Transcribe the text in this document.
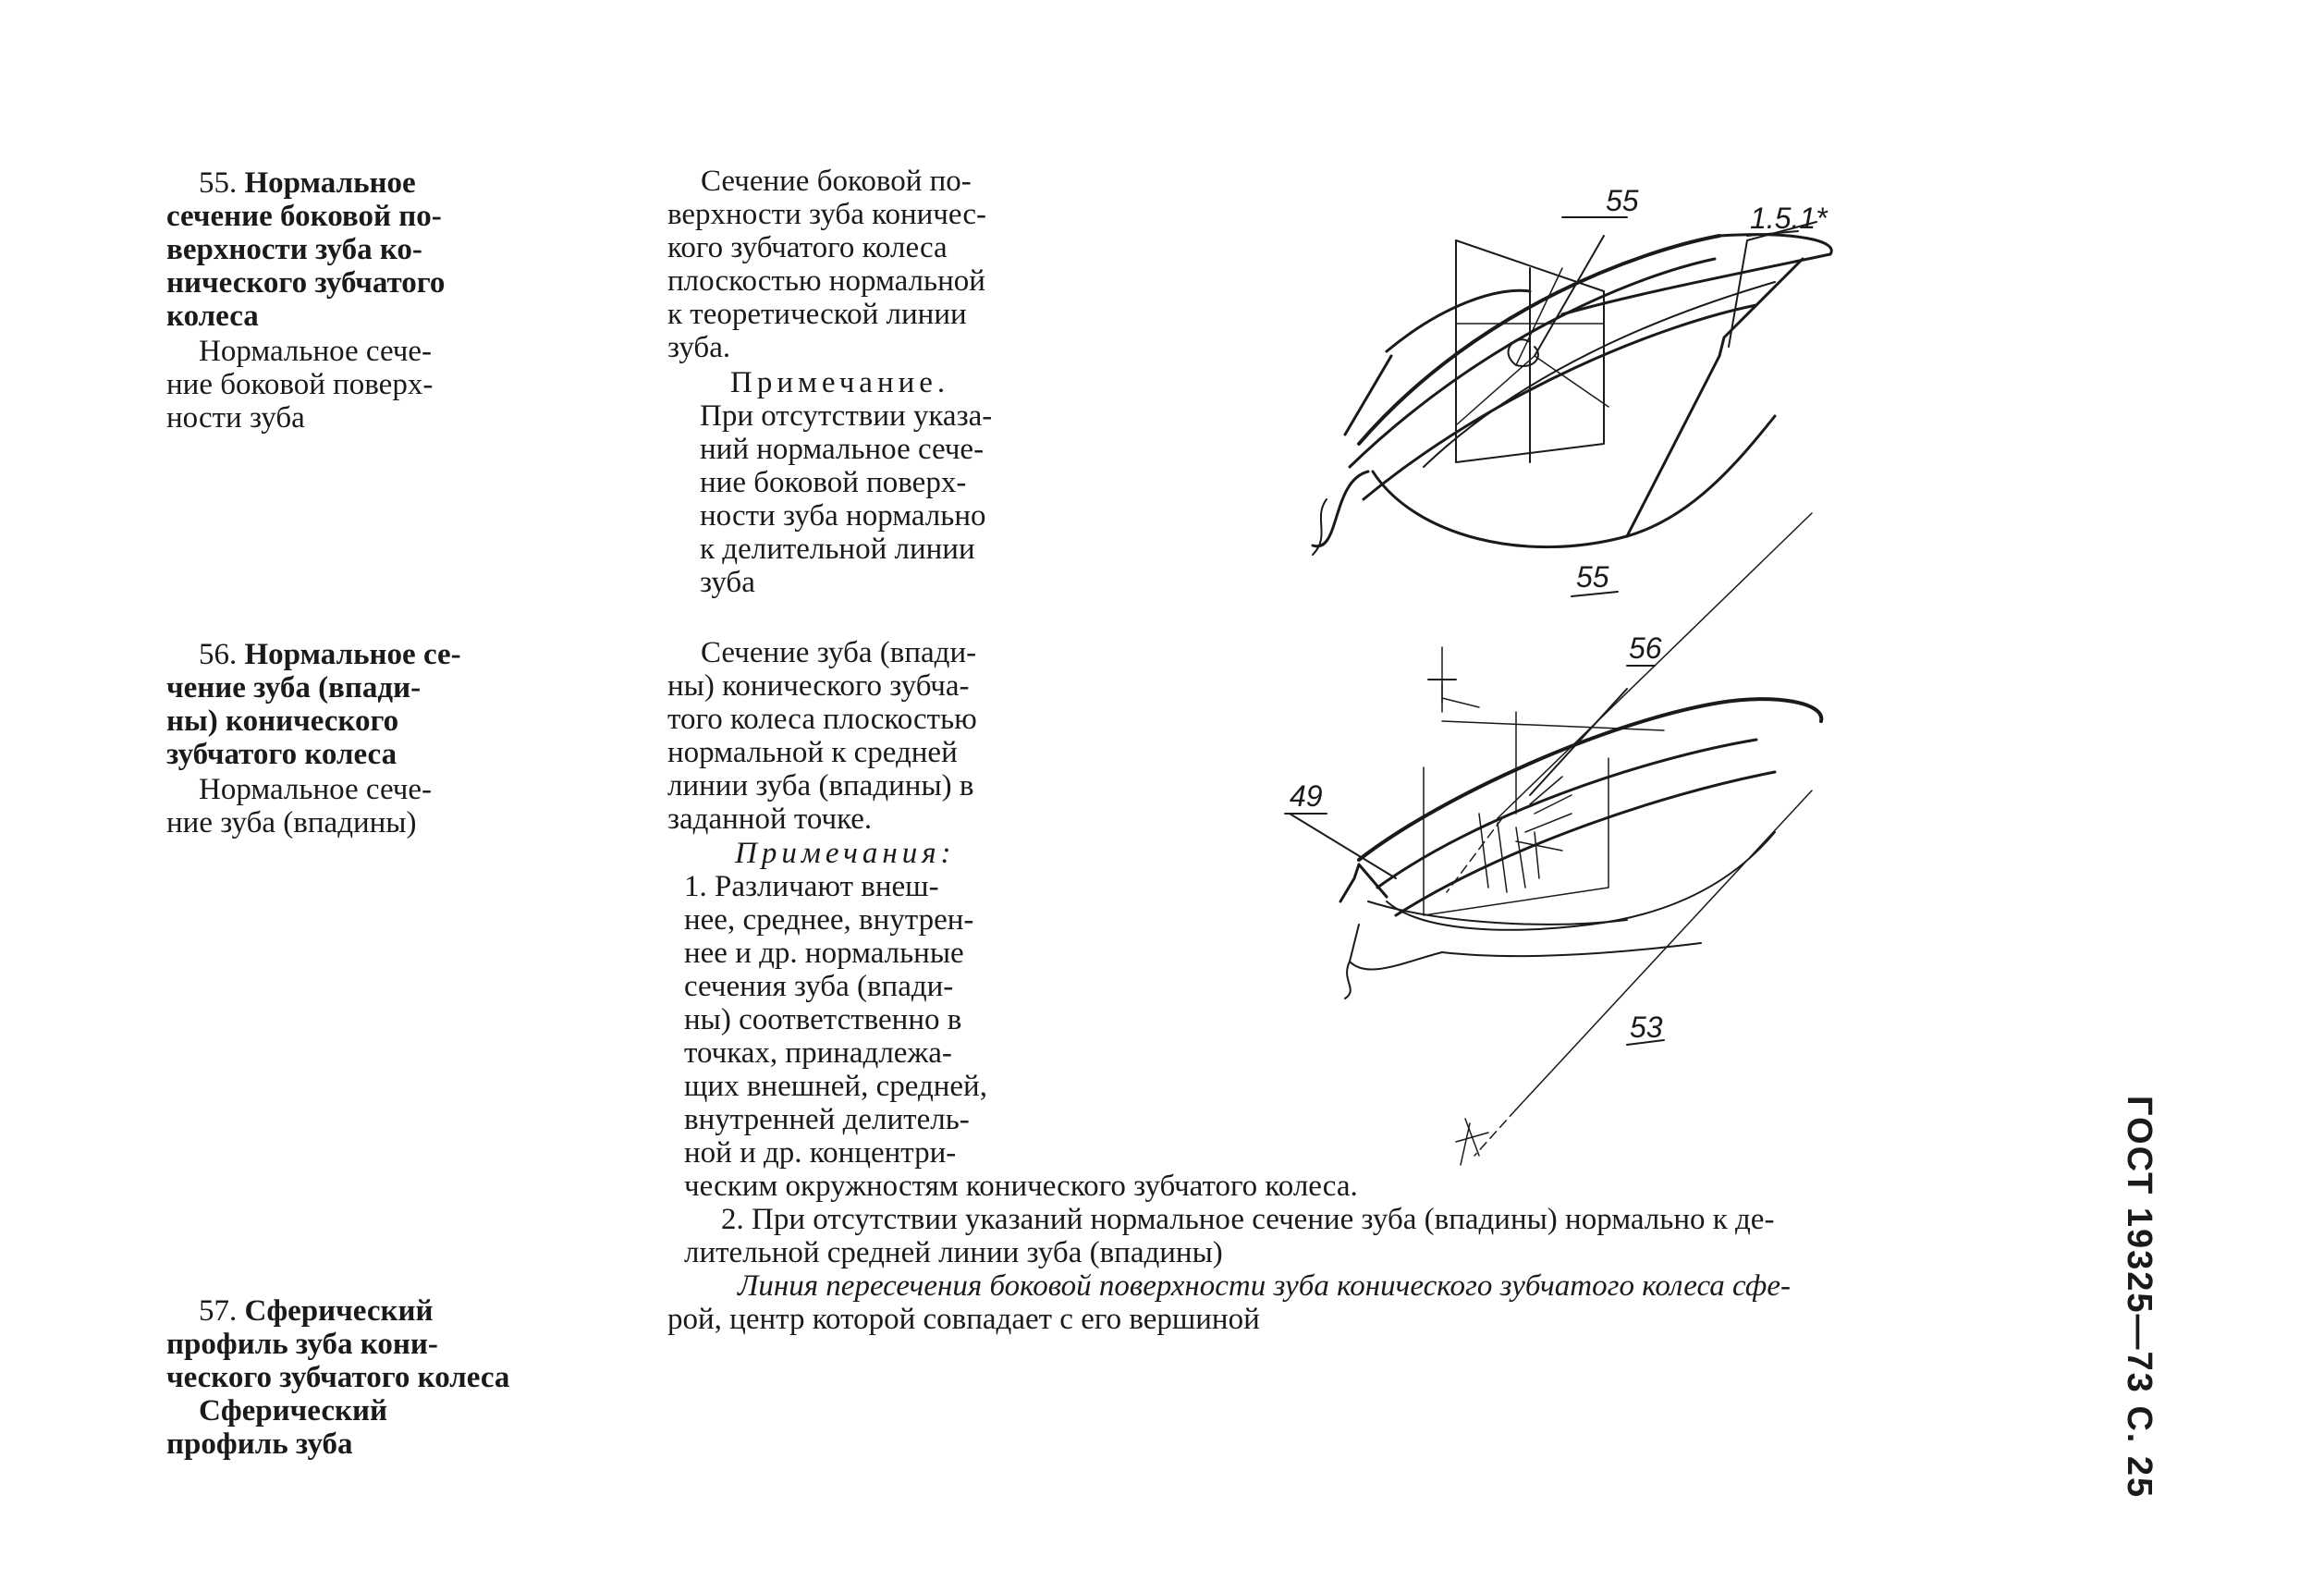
55. Нормальное

сечение боковой по-

верхности зуба ко-

нического зубчатого

колеса

Нормальное сече-

ние боковой поверх-

ности зуба

Сечение боковой по-

верхности зуба коничес-

кого зубчатого колеса

плоскостью нормальной

к теоретической линии

зуба.

Примечание.

При отсутствии указа-

ний нормальное сече-

ние боковой поверх-

ности зуба нормально

к делительной линии

зуба

56. Нормальное се-

чение зуба (впади-

ны) конического

зубчатого колеса

Нормальное сече-

ние зуба (впадины)

Сечение зуба (впади-

ны) конического зубча-

того колеса плоскостью

нормальной к средней

линии зуба (впадины) в

заданной точке.

Примечания:

1. Различают внеш-

нее, среднее, внутрен-

нее и др. нормальные

сечения зуба (впади-

ны) соответственно в

точках, принадлежа-

щих внешней, средней,

внутренней делитель-

ной и др. концентри-

ческим окружностям конического зубчатого колеса.

2. При отсутствии указаний нормальное сечение зуба (впадины) нормально к де-

лительной средней линии зуба (впадины)

57. Сферический

профиль зуба кони-

ческого зубчатого колеса

Сферический

профиль зуба

Линия пересечения боковой поверхности зуба конического зубчатого колеса сфе-

рой, центр которой совпадает с его вершиной

55
1.5.1*
55
56
49
53
ГОСТ 19325—73 С. 25
